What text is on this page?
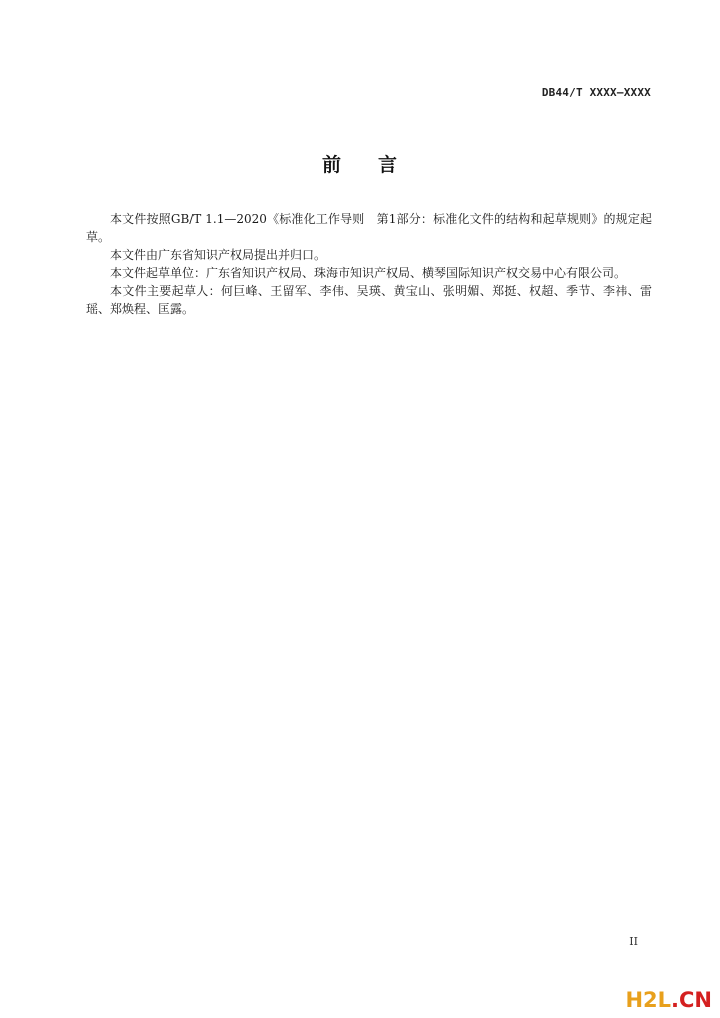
DB44/T XXXX—XXXX
前 言

本文件按照GB/T 1.1—2020《标准化工作导则　第1部分：标准化文件的结构和起草规则》的规定起草。

本文件由广东省知识产权局提出并归口。

本文件起草单位：广东省知识产权局、珠海市知识产权局、横琴国际知识产权交易中心有限公司。

本文件主要起草人：何巨峰、王留军、李伟、吴瑛、黄宝山、张明媚、郑挺、权超、季节、李祎、雷瑶、郑焕程、匡露。

II
H2L.CN
